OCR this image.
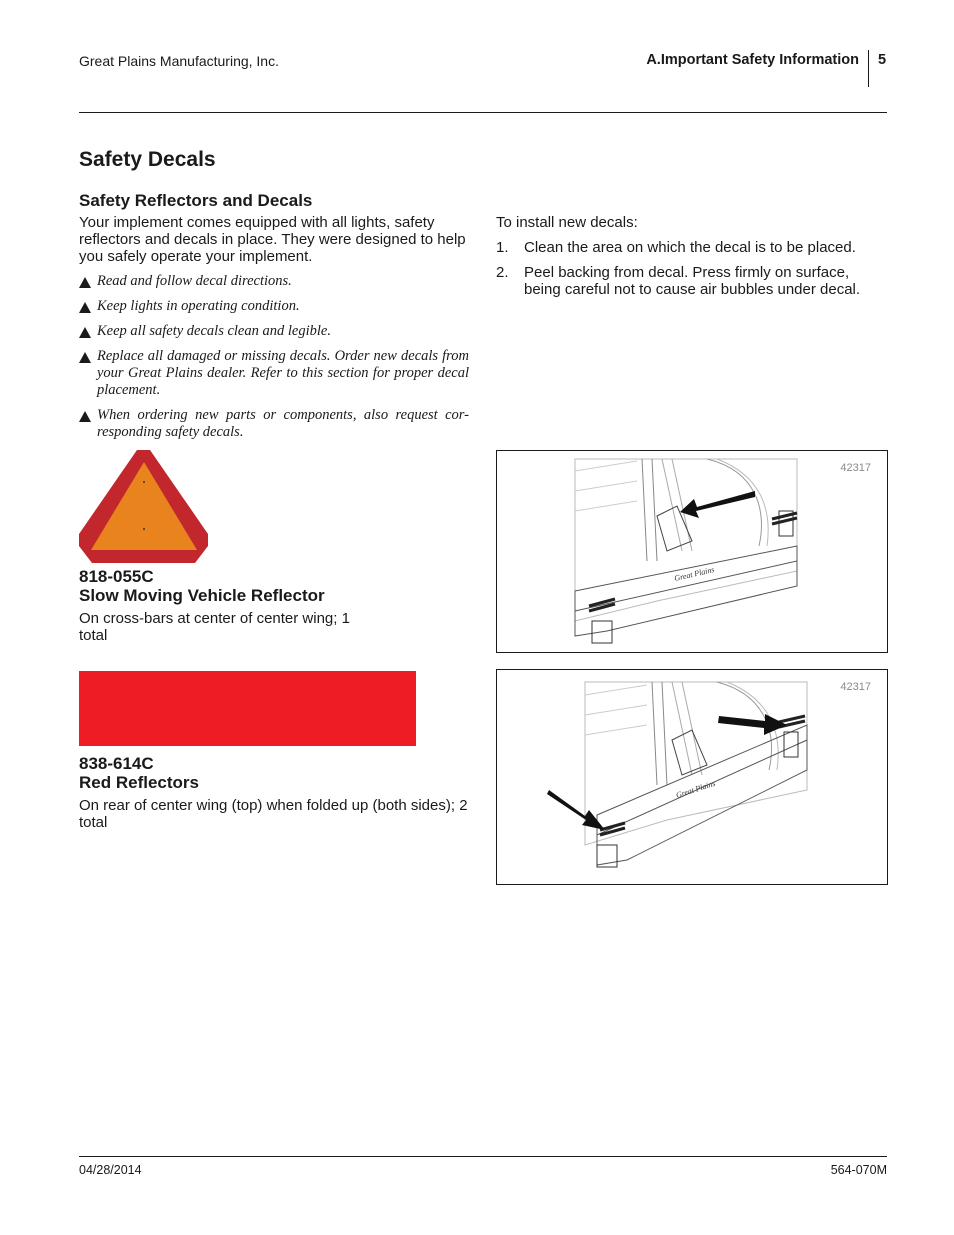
Great Plains Manufacturing, Inc.	A.Important Safety Information 5
Safety Decals
Safety Reflectors and Decals
Your implement comes equipped with all lights, safety reflectors and decals in place. They were designed to help you safely operate your implement.
Read and follow decal directions.
Keep lights in operating condition.
Keep all safety decals clean and legible.
Replace all damaged or missing decals. Order new decals from your Great Plains dealer. Refer to this section for proper decal placement.
When ordering new parts or components, also request cor-responding safety decals.
To install new decals:
1. Clean the area on which the decal is to be placed.
2. Peel backing from decal. Press firmly on surface, being careful not to cause air bubbles under decal.
818-055C
Slow Moving Vehicle Reflector
On cross-bars at center of center wing; 1 total
838-614C
Red Reflectors
On rear of center wing (top) when folded up (both sides); 2 total
42317
Great Plains
42317
Great Plains
04/28/2014	564-070M
